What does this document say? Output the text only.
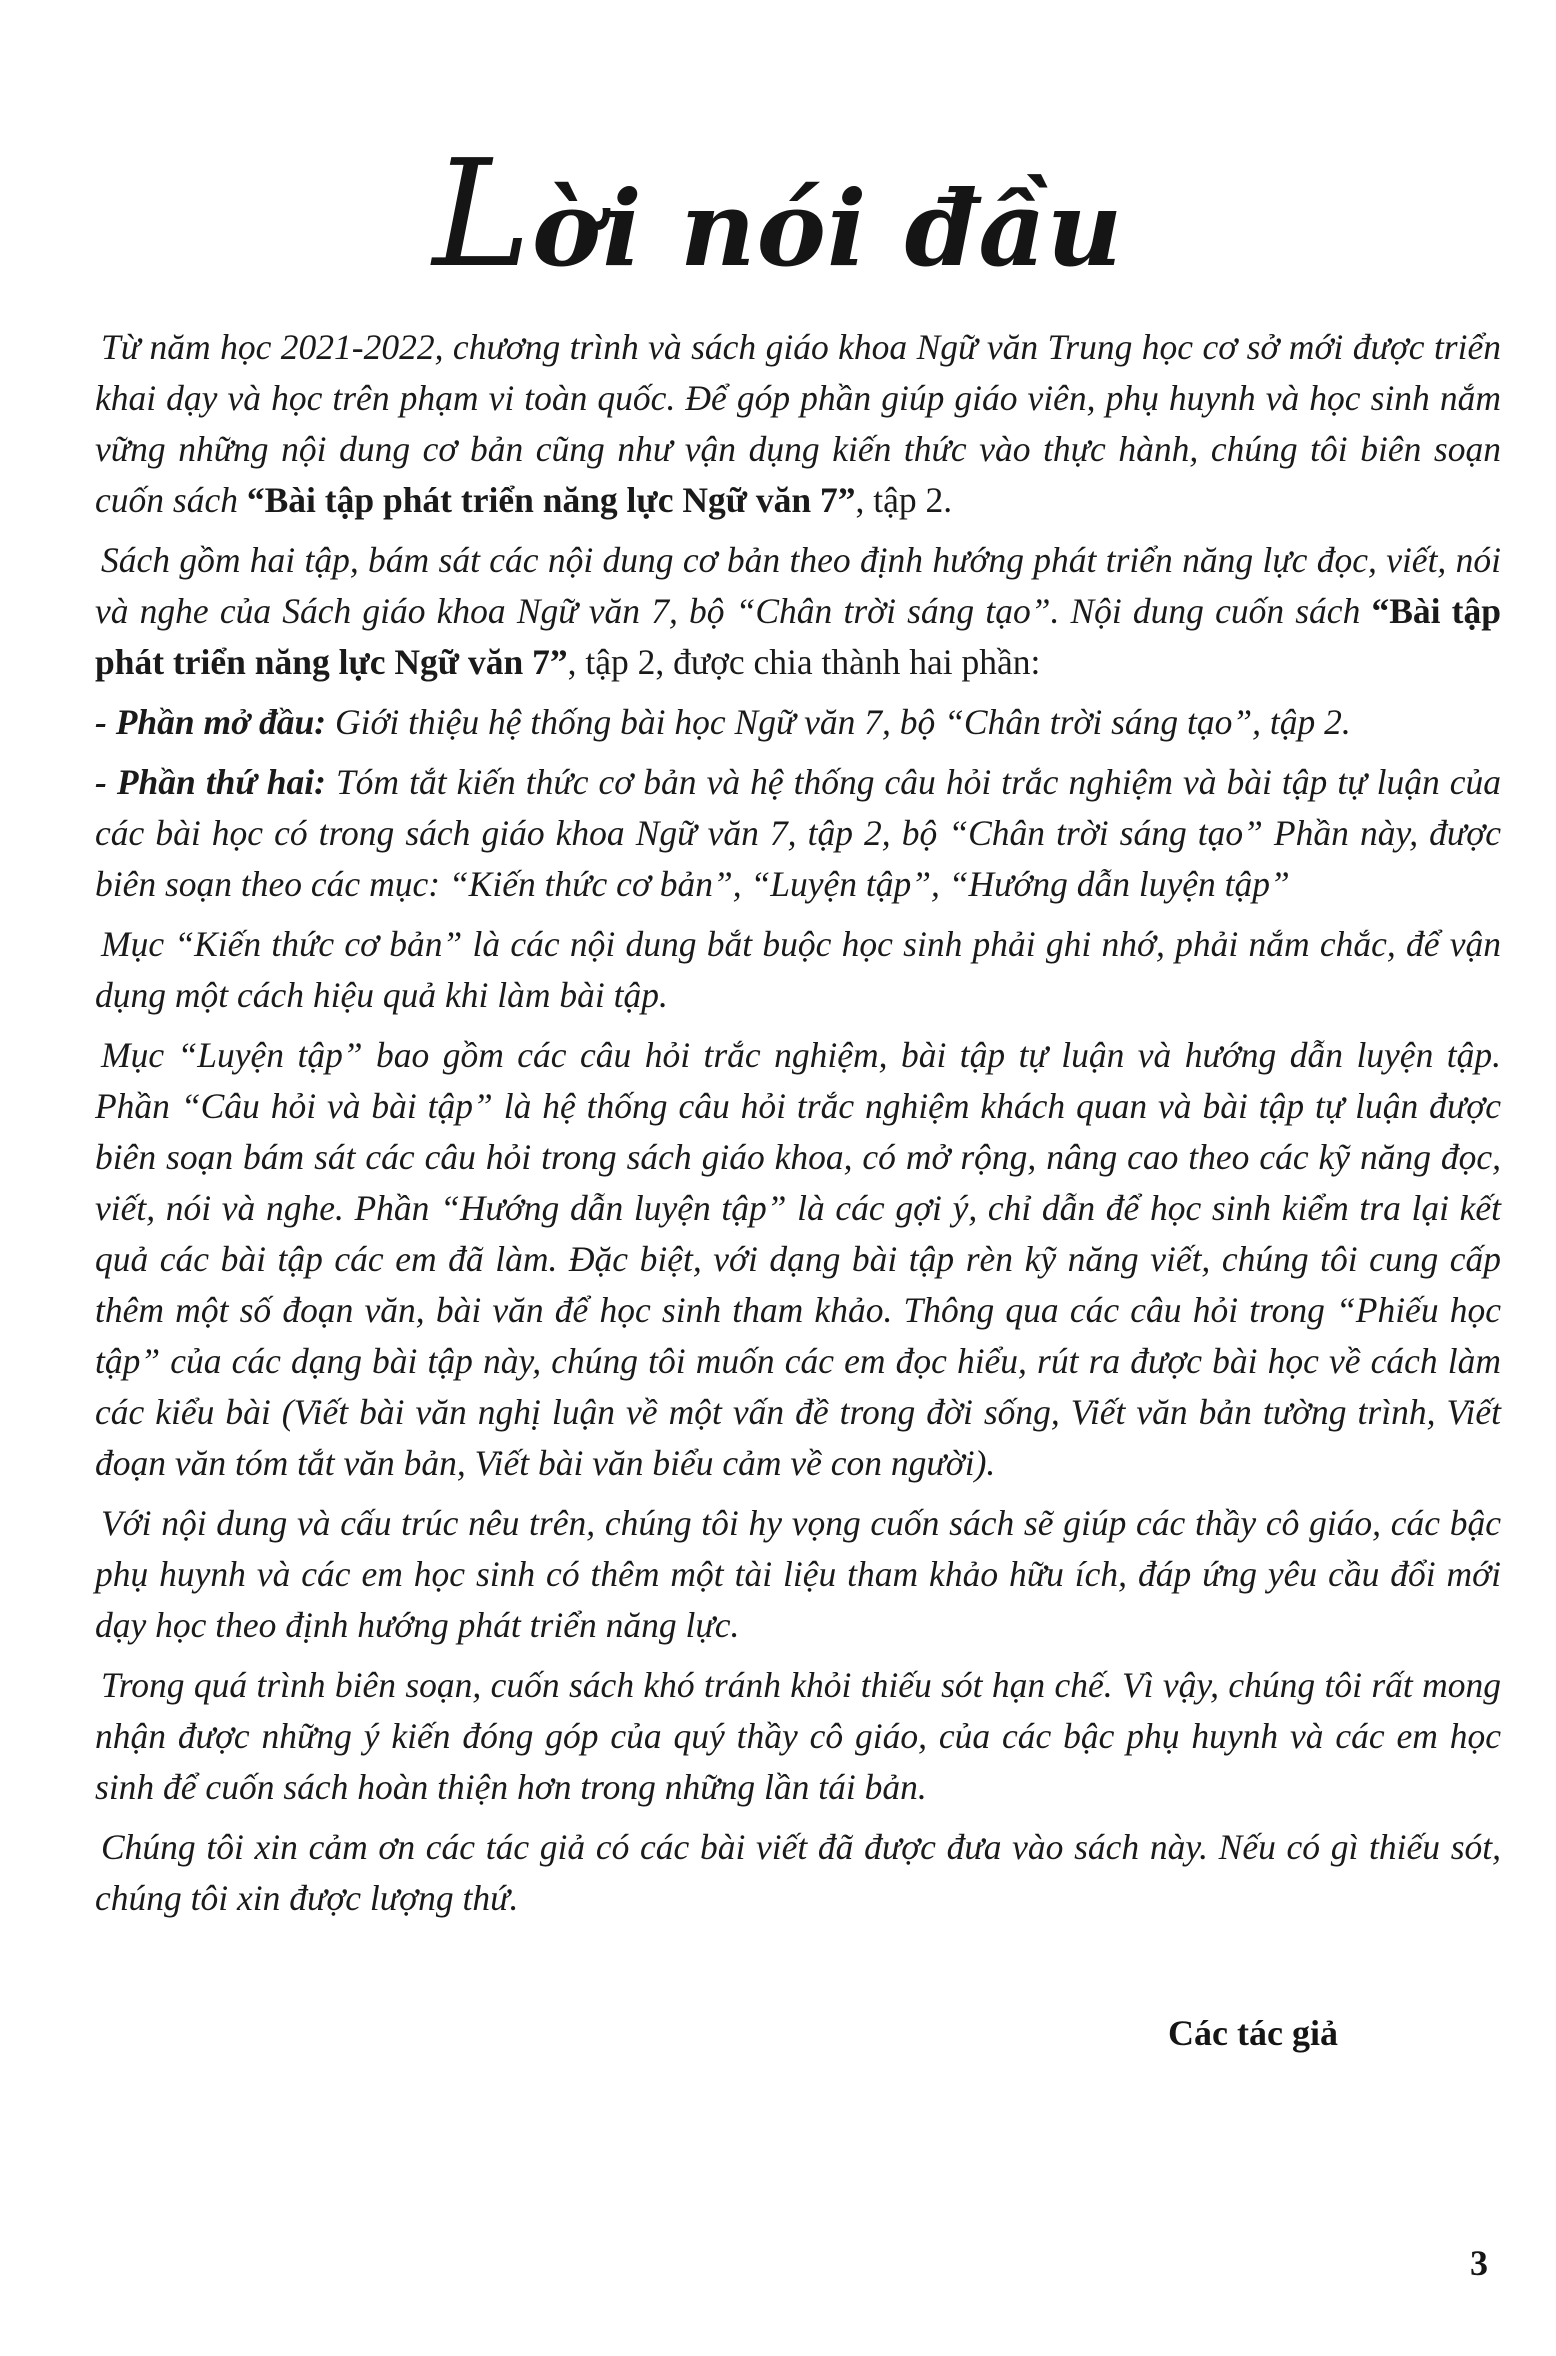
Lời nói đầu

Từ năm học 2021-2022, chương trình và sách giáo khoa Ngữ văn Trung học cơ sở mới được triển khai dạy và học trên phạm vi toàn quốc. Để góp phần giúp giáo viên, phụ huynh và học sinh nắm vững những nội dung cơ bản cũng như vận dụng kiến thức vào thực hành, chúng tôi biên soạn cuốn sách “Bài tập phát triển năng lực Ngữ văn 7”, tập 2.

Sách gồm hai tập, bám sát các nội dung cơ bản theo định hướng phát triển năng lực đọc, viết, nói và nghe của Sách giáo khoa Ngữ văn 7, bộ “Chân trời sáng tạo”. Nội dung cuốn sách “Bài tập phát triển năng lực Ngữ văn 7”, tập 2, được chia thành hai phần:

- Phần mở đầu: Giới thiệu hệ thống bài học Ngữ văn 7, bộ “Chân trời sáng tạo”, tập 2.

- Phần thứ hai: Tóm tắt kiến thức cơ bản và hệ thống câu hỏi trắc nghiệm và bài tập tự luận của các bài học có trong sách giáo khoa Ngữ văn 7, tập 2, bộ “Chân trời sáng tạo” Phần này, được biên soạn theo các mục: “Kiến thức cơ bản”, “Luyện tập”, “Hướng dẫn luyện tập”

Mục “Kiến thức cơ bản” là các nội dung bắt buộc học sinh phải ghi nhớ, phải nắm chắc, để vận dụng một cách hiệu quả khi làm bài tập.

Mục “Luyện tập” bao gồm các câu hỏi trắc nghiệm, bài tập tự luận và hướng dẫn luyện tập. Phần “Câu hỏi và bài tập” là hệ thống câu hỏi trắc nghiệm khách quan và bài tập tự luận được biên soạn bám sát các câu hỏi trong sách giáo khoa, có mở rộng, nâng cao theo các kỹ năng đọc, viết, nói và nghe. Phần “Hướng dẫn luyện tập” là các gợi ý, chỉ dẫn để học sinh kiểm tra lại kết quả các bài tập các em đã làm. Đặc biệt, với dạng bài tập rèn kỹ năng viết, chúng tôi cung cấp thêm một số đoạn văn, bài văn để học sinh tham khảo. Thông qua các câu hỏi trong “Phiếu học tập” của các dạng bài tập này, chúng tôi muốn các em đọc hiểu, rút ra được bài học về cách làm các kiểu bài (Viết bài văn nghị luận về một vấn đề trong đời sống, Viết văn bản tường trình, Viết đoạn văn tóm tắt văn bản, Viết bài văn biểu cảm về con người).

Với nội dung và cấu trúc nêu trên, chúng tôi hy vọng cuốn sách sẽ giúp các thầy cô giáo, các bậc phụ huynh và các em học sinh có thêm một tài liệu tham khảo hữu ích, đáp ứng yêu cầu đổi mới dạy học theo định hướng phát triển năng lực.

Trong quá trình biên soạn, cuốn sách khó tránh khỏi thiếu sót hạn chế. Vì vậy, chúng tôi rất mong nhận được những ý kiến đóng góp của quý thầy cô giáo, của các bậc phụ huynh và các em học sinh để cuốn sách hoàn thiện hơn trong những lần tái bản.

Chúng tôi xin cảm ơn các tác giả có các bài viết đã được đưa vào sách này. Nếu có gì thiếu sót, chúng tôi xin được lượng thứ.

Các tác giả
3
